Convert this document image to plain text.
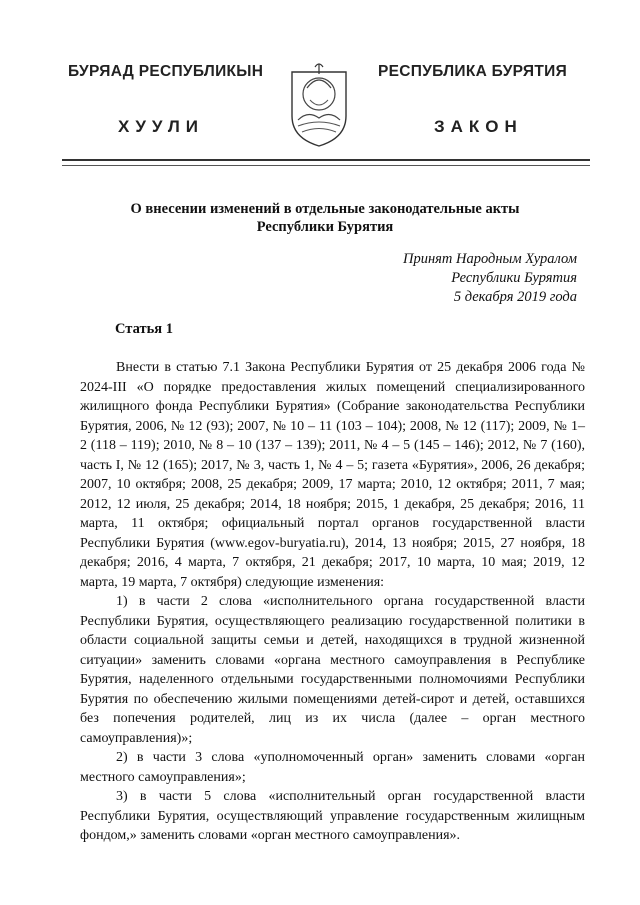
БУРЯАД РЕСПУБЛИКЫН	РЕСПУБЛИКА БУРЯТИЯ
ХУУЛИ	ЗАКОН
О внесении изменений в отдельные законодательные акты
Республики Бурятия
Принят Народным Хуралом
Республики Бурятия
5 декабря 2019 года
Статья 1

Внести в статью 7.1 Закона Республики Бурятия от 25 декабря 2006 года № 2024-III «О порядке предоставления жилых помещений специализированного жилищного фонда Республики Бурятия» (Собрание законодательства Республики Бурятия, 2006, № 12 (93); 2007, № 10 – 11 (103 – 104); 2008, № 12 (117); 2009, № 1– 2 (118 – 119); 2010, № 8 – 10 (137 – 139); 2011, № 4 – 5 (145 – 146); 2012, № 7 (160), часть I, № 12 (165); 2017, № 3, часть 1, № 4 – 5; газета «Бурятия», 2006, 26 декабря; 2007, 10 октября; 2008, 25 декабря; 2009, 17 марта; 2010, 12 октября; 2011, 7 мая; 2012, 12 июля, 25 декабря; 2014, 18 ноября; 2015, 1 декабря, 25 декабря; 2016, 11 марта, 11 октября; официальный портал органов государственной власти Республики Бурятия (www.egov-buryatia.ru), 2014, 13 ноября; 2015, 27 ноября, 18 декабря; 2016, 4 марта, 7 октября, 21 декабря; 2017, 10 марта, 10 мая; 2019, 12 марта, 19 марта, 7 октября) следующие изменения:

1) в части 2 слова «исполнительного органа государственной власти Республики Бурятия, осуществляющего реализацию государственной политики в области социальной защиты семьи и детей, находящихся в трудной жизненной ситуации» заменить словами «органа местного самоуправления в Республике Бурятия, наделенного отдельными государственными полномочиями Республики Бурятия по обеспечению жилыми помещениями детей-сирот и детей, оставшихся без попечения родителей, лиц из их числа (далее – орган местного самоуправления)»;

2) в части 3 слова «уполномоченный орган» заменить словами «орган местного самоуправления»;

3) в части 5 слова «исполнительный орган государственной власти Республики Бурятия, осуществляющий управление государственным жилищным фондом,» заменить словами «орган местного самоуправления».
